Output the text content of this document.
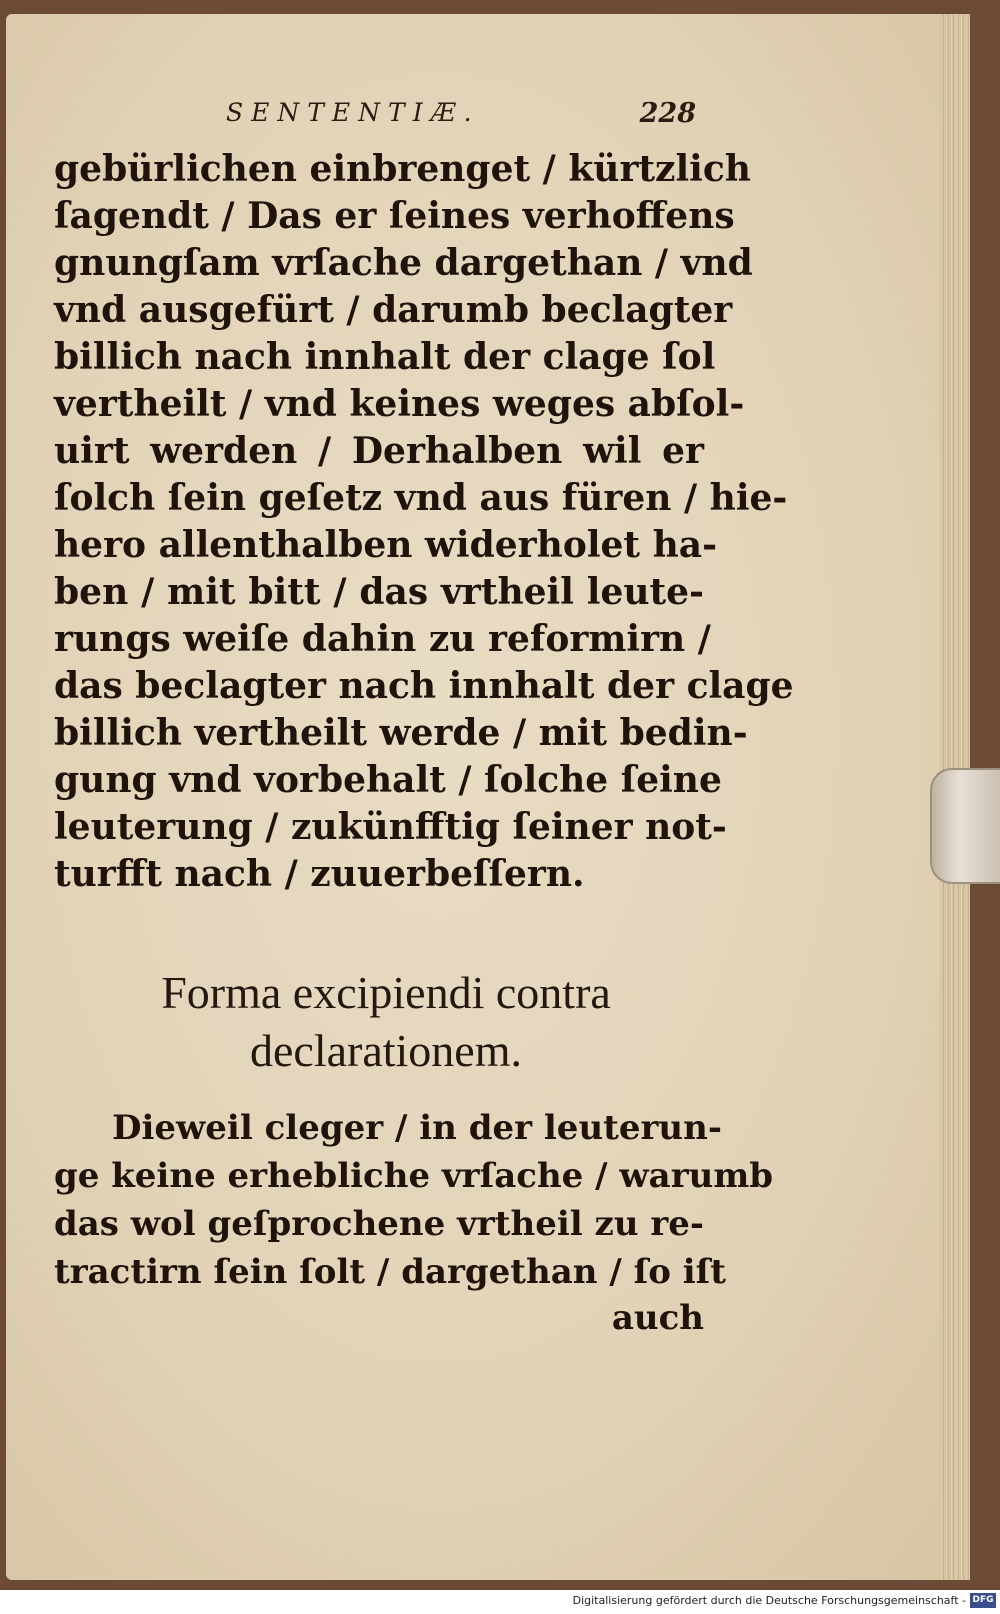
SENTENTIÆ.	228
gebürlichen einbrenget / kürtzlich
ſagendt / Das er ſeines verhoffens
gnungſam vrſache dargethan / vnd
vnd ausgefürt / darumb beclagter
billich nach innhalt der clage ſol
vertheilt / vnd keines weges abſol-
uirt werden / Derhalben wil er
ſolch ſein geſetz vnd aus füren / hie-
hero allenthalben widerholet ha-
ben / mit bitt / das vrtheil leute-
rungs weiſe dahin zu reformirn /
das beclagter nach innhalt der clage
billich vertheilt werde / mit bedin-
gung vnd vorbehalt / ſolche ſeine
leuterung / zukünfftig ſeiner not-
turfft nach / zuuerbeſſern.
Forma excipiendi contra
declarationem.
Dieweil cleger / in der leuterun-
ge keine erhebliche vrſache / warumb
das wol geſprochene vrtheil zu re-
tractirn ſein ſolt / dargethan / ſo iſt
auch
Digitalisierung gefördert durch die Deutsche Forschungsgemeinschaft - DFG
